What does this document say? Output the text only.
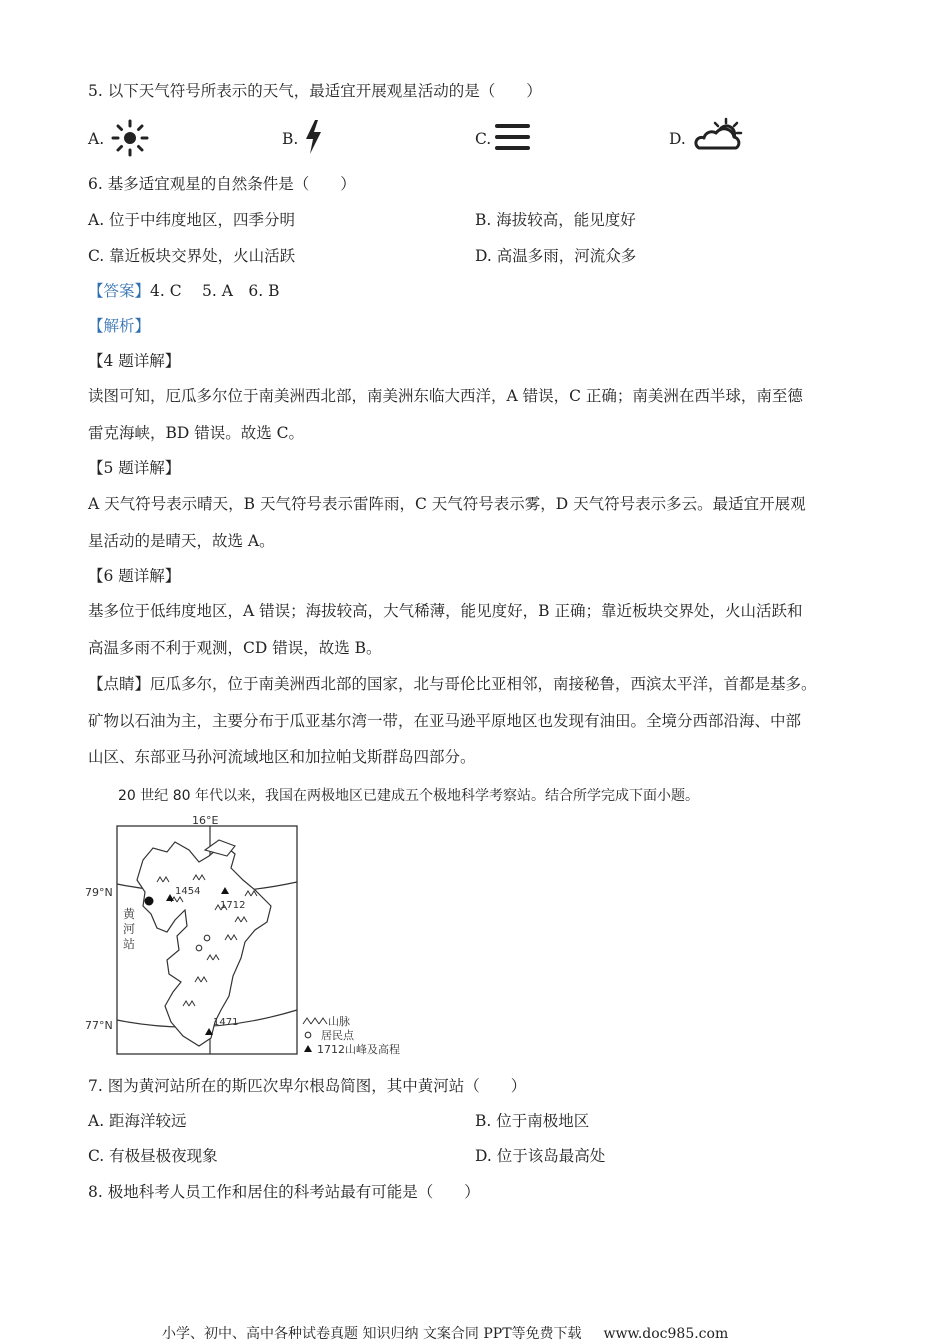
5. 以下天气符号所表示的天气，最适宜开展观星活动的是（　　）
A.	B.	C.	D.
6. 基多适宜观星的自然条件是（　　）
A. 位于中纬度地区，四季分明	B. 海拔较高，能见度好
C. 靠近板块交界处，火山活跃	D. 高温多雨，河流众多
【答案】4. C　 5. A　6. B
【解析】
【4 题详解】
读图可知，厄瓜多尔位于南美洲西北部，南美洲东临大西洋，A 错误，C 正确；南美洲在西半球，南至德
雷克海峡，BD 错误。故选 C。
【5 题详解】
A 天气符号表示晴天，B 天气符号表示雷阵雨，C 天气符号表示雾，D 天气符号表示多云。最适宜开展观
星活动的是晴天，故选 A。
【6 题详解】
基多位于低纬度地区，A 错误；海拔较高，大气稀薄，能见度好，B 正确；靠近板块交界处，火山活跃和
高温多雨不利于观测，CD 错误，故选 B。
【点睛】厄瓜多尔，位于南美洲西北部的国家，北与哥伦比亚相邻，南接秘鲁，西滨太平洋，首都是基多。
矿物以石油为主，主要分布于瓜亚基尔湾一带，在亚马逊平原地区也发现有油田。全境分西部沿海、中部
山区、东部亚马孙河流域地区和加拉帕戈斯群岛四部分。
20 世纪 80 年代以来，我国在两极地区已建成五个极地科学考察站。结合所学完成下面小题。
16°E
79°N
77°N
1454
1712
1471
黄 河 站
山脉
居民点
1712山峰及高程
7. 图为黄河站所在的斯匹次卑尔根岛简图，其中黄河站（　　）
A. 距海洋较远	B. 位于南极地区
C. 有极昼极夜现象	D. 位于该岛最高处
8. 极地科考人员工作和居住的科考站最有可能是（　　）
小学、初中、高中各种试卷真题 知识归纳 文案合同 PPT等免费下载 www.doc985.com
